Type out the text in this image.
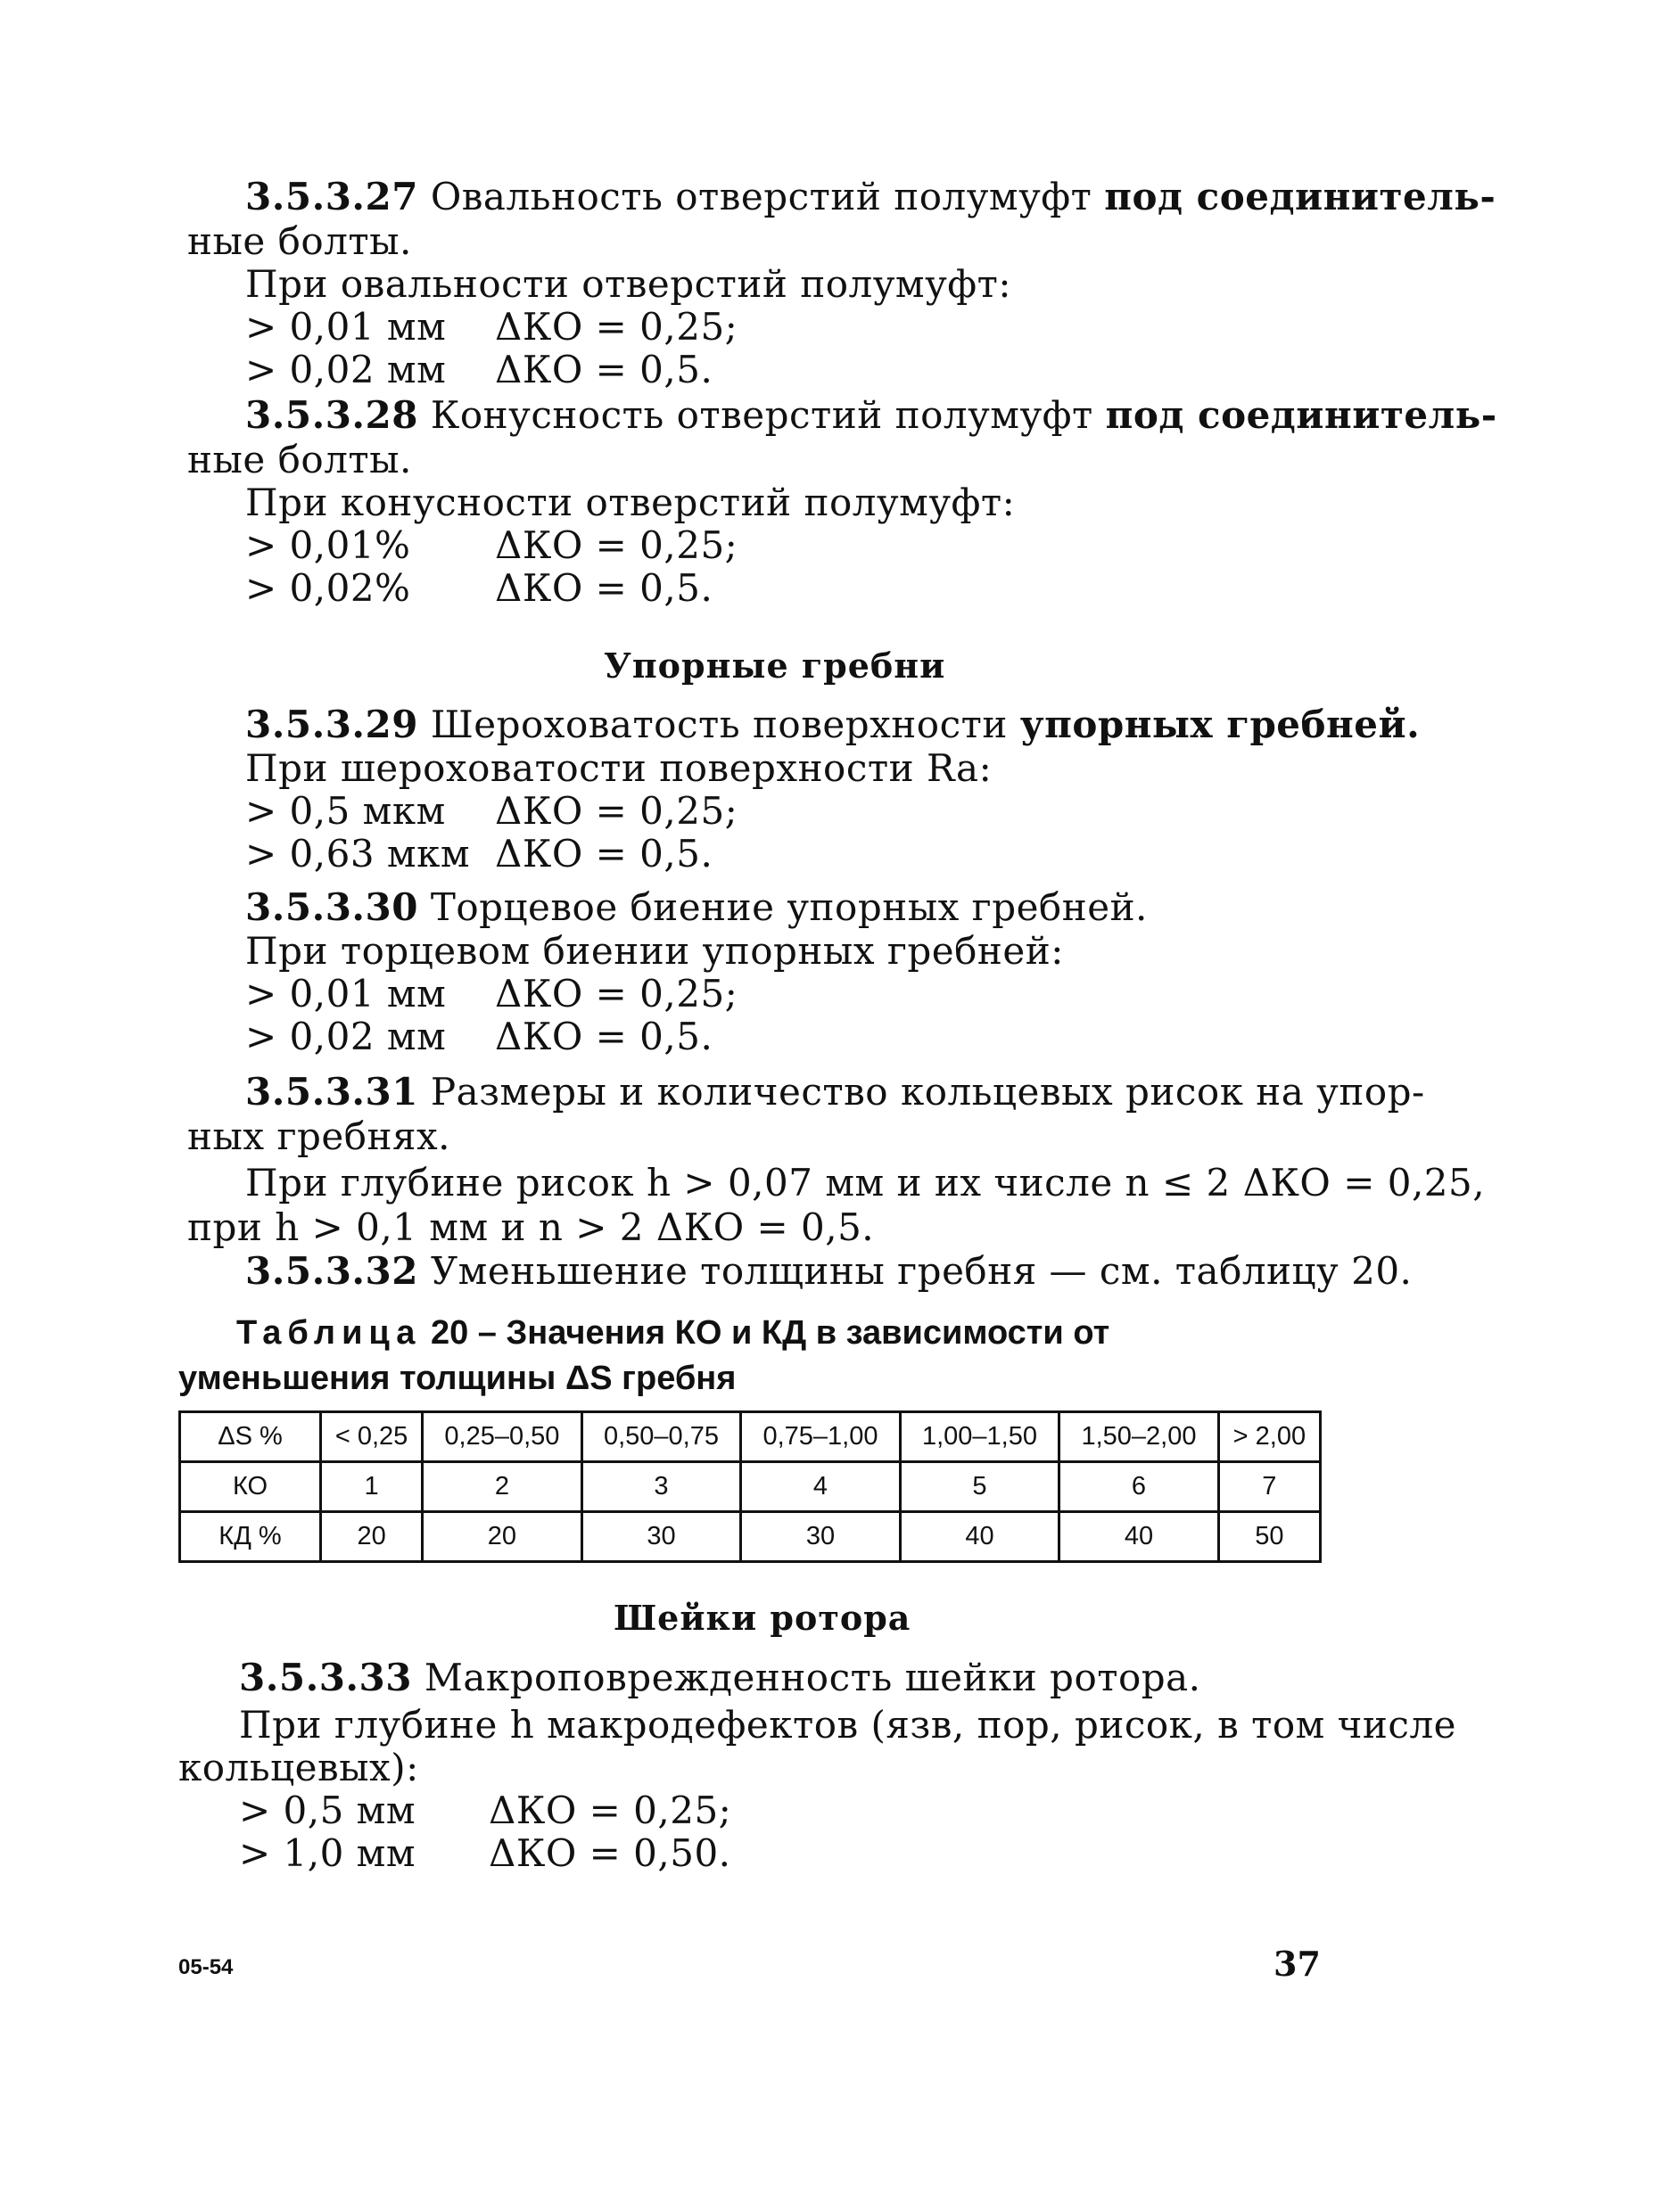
3.5.3.27 Овальность отверстий полумуфт под соединитель-
ные болты.
При овальности отверстий полумуфт:
> 0,01 мм ΔКО = 0,25;
> 0,02 мм ΔКО = 0,5.
3.5.3.28 Конусность отверстий полумуфт под соединитель-
ные болты.
При конусности отверстий полумуфт:
> 0,01% ΔКО = 0,25;
> 0,02% ΔКО = 0,5.
Упорные гребни
3.5.3.29 Шероховатость поверхности упорных гребней.
При шероховатости поверхности Ra:
> 0,5 мкм ΔКО = 0,25;
> 0,63 мкм ΔКО = 0,5.
3.5.3.30 Торцевое биение упорных гребней.
При торцевом биении упорных гребней:
> 0,01 мм ΔКО = 0,25;
> 0,02 мм ΔКО = 0,5.
3.5.3.31 Размеры и количество кольцевых рисок на упор-
ных гребнях.
При глубине рисок h > 0,07 мм и их числе n ≤ 2 ΔКО = 0,25,
при h > 0,1 мм и n > 2 ΔКО = 0,5.
3.5.3.32 Уменьшение толщины гребня — см. таблицу 20.
Таблица 20 – Значения КО и КД в зависимости от
уменьшения толщины ΔS гребня
ΔS %	< 0,25	0,25–0,50	0,50–0,75	0,75–1,00	1,00–1,50	1,50–2,00	> 2,00
КО	1	2	3	4	5	6	7
КД %	20	20	30	30	40	40	50
Шейки ротора
3.5.3.33 Макроповрежденность шейки ротора.
При глубине h макродефектов (язв, пор, рисок, в том числе
кольцевых):
> 0,5 мм ΔКО = 0,25;
> 1,0 мм ΔКО = 0,50.
05-54	37
